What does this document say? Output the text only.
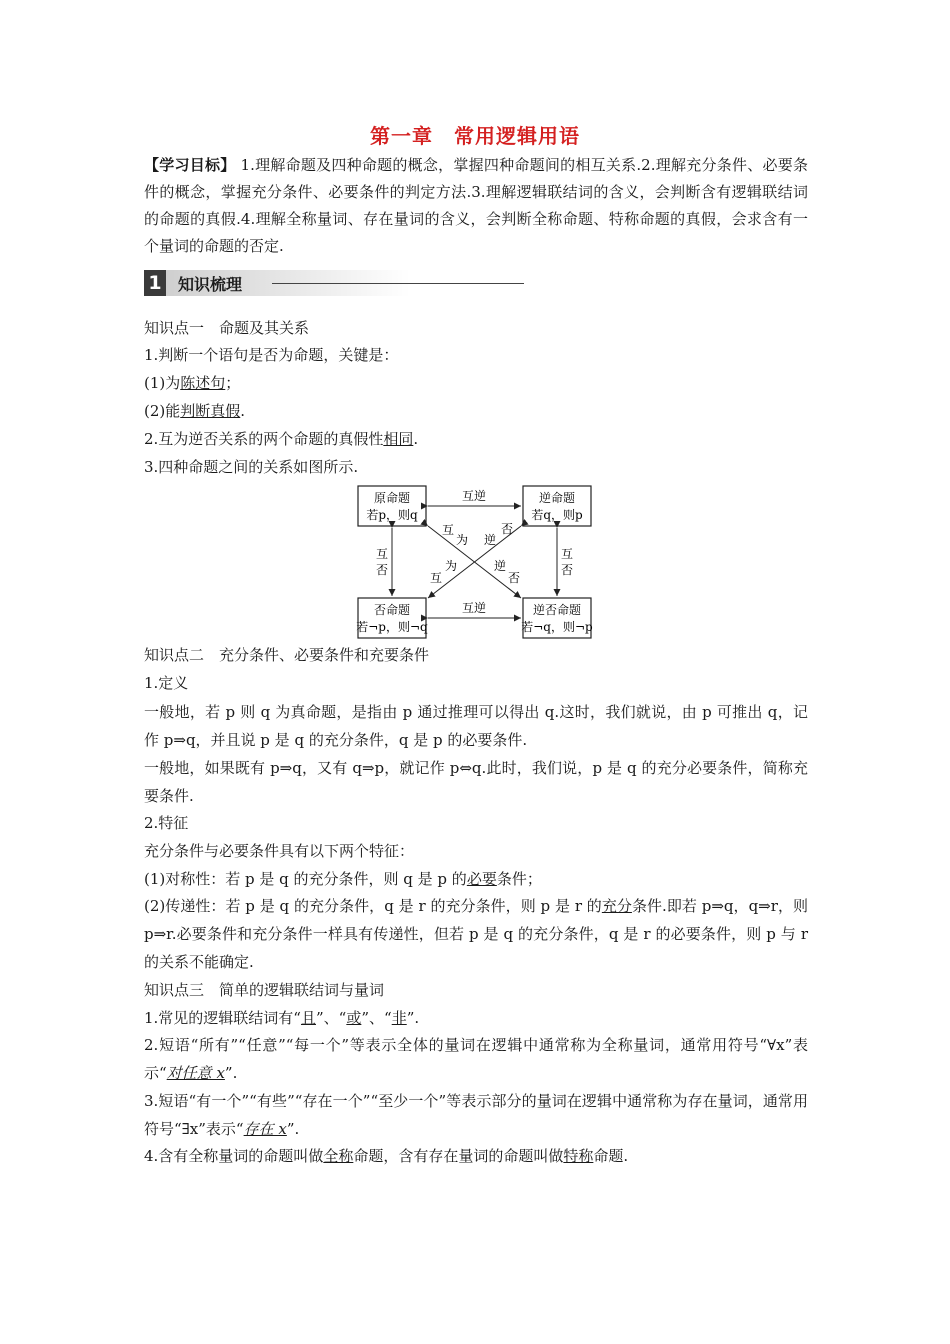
第一章　常用逻辑用语
【学习目标】 1.理解命题及四种命题的概念，掌握四种命题间的相互关系.2.理解充分条件、必要条件的概念，掌握充分条件、必要条件的判定方法.3.理解逻辑联结词的含义，会判断含有逻辑联结词的命题的真假.4.理解全称量词、存在量词的含义，会判断全称命题、特称命题的真假，会求含有一个量词的命题的否定.
1 知识梳理
知识点一　命题及其关系
1.判断一个语句是否为命题，关键是：
(1)为陈述句；
(2)能判断真假.
2.互为逆否关系的两个命题的真假性相同.
3.四种命题之间的关系如图所示.
原命题
若p，则q
逆命题
若q，则p
否命题
若¬p，则¬q
逆否命题
若¬q，则¬p
互逆
互逆
互
否
互
否
互
为 逆
否
逆
否
为
互
知识点二　充分条件、必要条件和充要条件
1.定义
一般地，若 p 则 q 为真命题，是指由 p 通过推理可以得出 q.这时，我们就说，由 p 可推出 q，记作 p⇒q，并且说 p 是 q 的充分条件，q 是 p 的必要条件.
一般地，如果既有 p⇒q，又有 q⇒p，就记作 p⇔q.此时，我们说，p 是 q 的充分必要条件，简称充要条件.
2.特征
充分条件与必要条件具有以下两个特征：
(1)对称性：若 p 是 q 的充分条件，则 q 是 p 的必要条件；
(2)传递性：若 p 是 q 的充分条件，q 是 r 的充分条件，则 p 是 r 的充分条件.即若 p⇒q，q⇒r，则 p⇒r.必要条件和充分条件一样具有传递性，但若 p 是 q 的充分条件，q 是 r 的必要条件，则 p 与 r 的关系不能确定.
知识点三　简单的逻辑联结词与量词
1.常见的逻辑联结词有“且”、“或”、“非”.
2.短语“所有”“任意”“每一个”等表示全体的量词在逻辑中通常称为全称量词，通常用符号“∀x”表示“对任意 x”.
3.短语“有一个”“有些”“存在一个”“至少一个”等表示部分的量词在逻辑中通常称为存在量词，通常用符号“∃x”表示“存在 x”.
4.含有全称量词的命题叫做全称命题，含有存在量词的命题叫做特称命题.
